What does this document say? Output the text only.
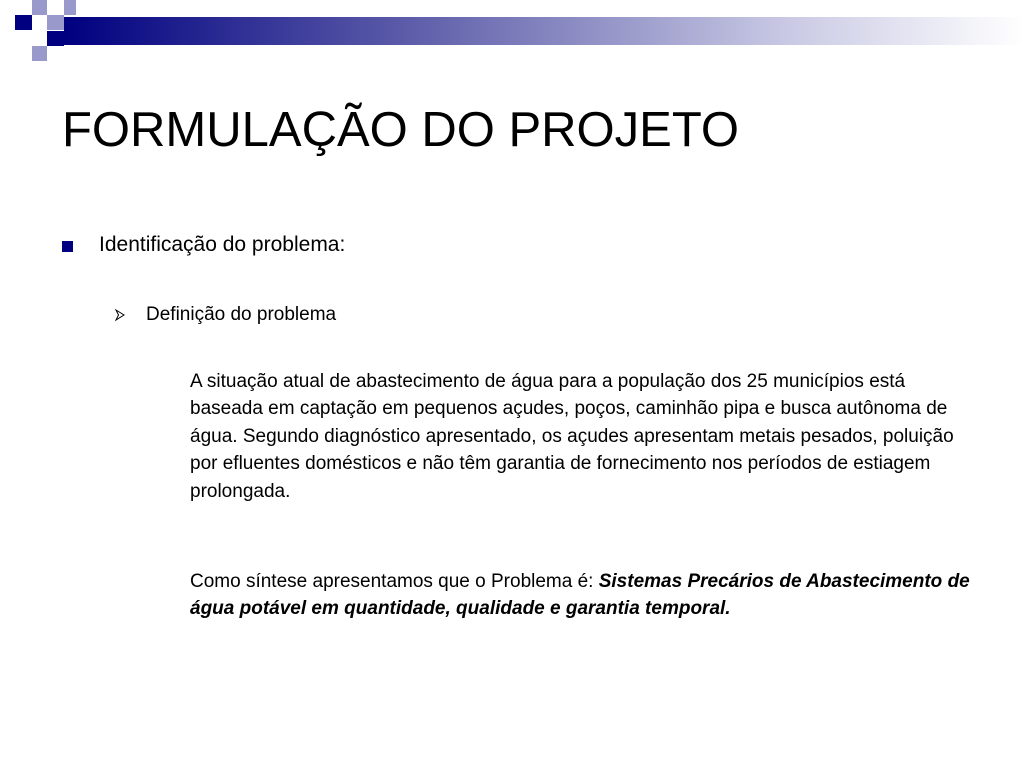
FORMULAÇÃO DO PROJETO
Identificação do problema:
Definição do problema

A situação atual de abastecimento de água para a população dos 25 municípios está baseada em captação em pequenos açudes, poços, caminhão pipa e busca autônoma de água. Segundo diagnóstico apresentado, os açudes apresentam metais pesados, poluição por efluentes domésticos e não têm garantia de fornecimento nos períodos de estiagem prolongada.

Como síntese apresentamos que o Problema é: Sistemas Precários de Abastecimento de água potável em quantidade, qualidade e garantia temporal.
